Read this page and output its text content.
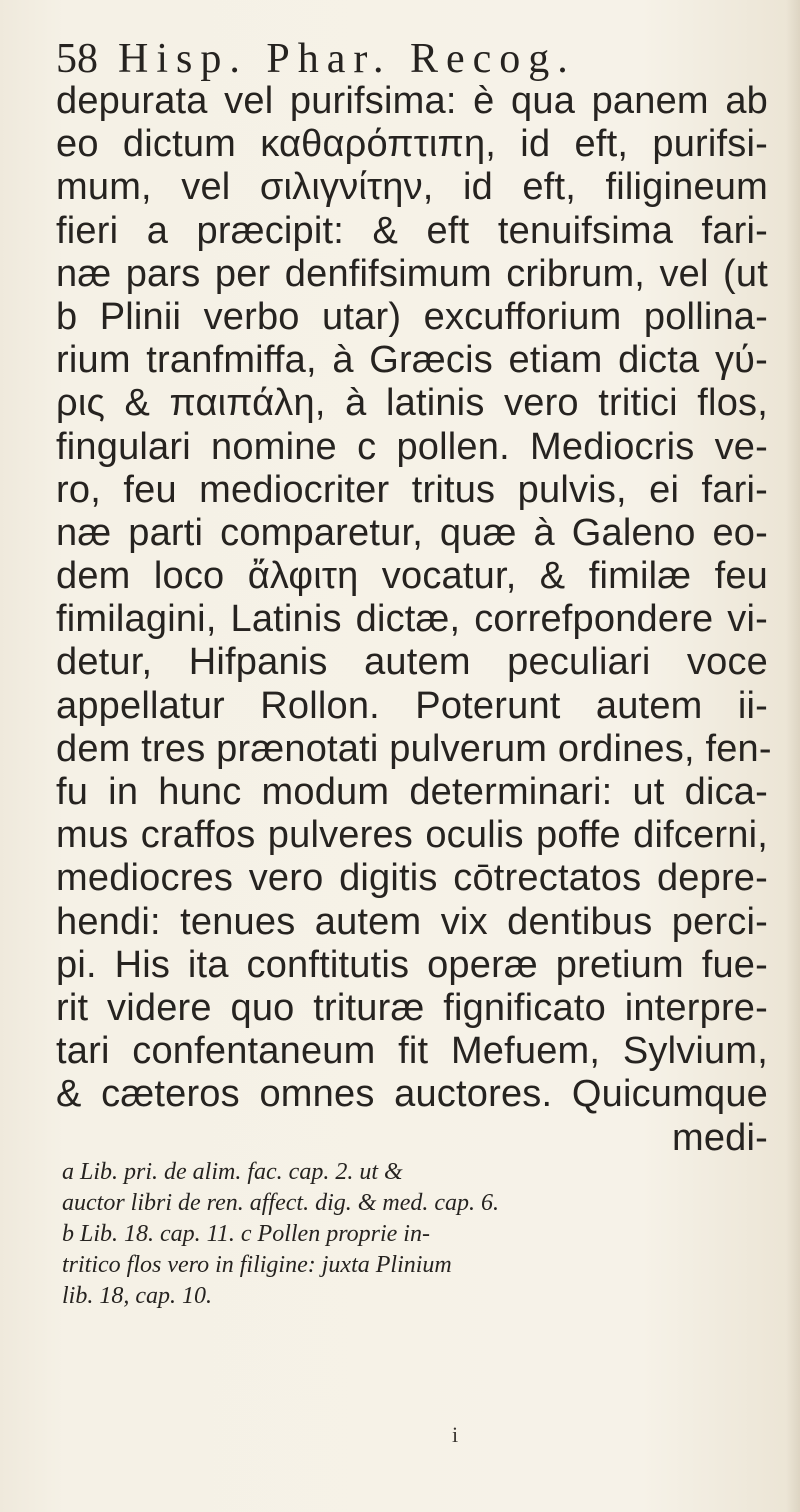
58 Hisp. Phar. Recog.
depurata vel purifsima: è qua panem ab
eo dictum καθαρόπτιπη, id eft, purifsi-
mum, vel σιλιγνίτην, id eft, filigineum
fieri a præcipit: & eft tenuifsima fari-
næ pars per denfifsimum cribrum, vel (ut
b Plinii verbo utar) excufforium pollina-
rium tranfmiffa, à Græcis etiam dicta γύ-
ρις & παιπάλη, à latinis vero tritici flos,
fingulari nomine c pollen. Mediocris ve-
ro, feu mediocriter tritus pulvis, ei fari-
næ parti comparetur, quæ à Galeno eo-
dem loco ἄλφιτη vocatur, & fimilæ feu
fimilagini, Latinis dictæ, correfpondere vi-
detur, Hifpanis autem peculiari voce
appellatur Rollon. Poterunt autem ii-
dem tres prænotati pulverum ordines, fen-
fu in hunc modum determinari: ut dica-
mus craffos pulveres oculis poffe difcerni,
mediocres vero digitis cōtrectatos depre-
hendi: tenues autem vix dentibus perci-
pi. His ita conftitutis operæ pretium fue-
rit videre quo trituræ fignificato interpre-
tari confentaneum fit Mefuem, Sylvium,
& cæteros omnes auctores. Quicumque
medi-
a Lib. pri. de alim. fac. cap. 2. ut &
auctor libri de ren. affect. dig. & med. cap. 6.
b Lib. 18. cap. 11. c Pollen proprie in-
tritico flos vero in filigine: juxta Plinium
lib. 18, cap. 10.
i
